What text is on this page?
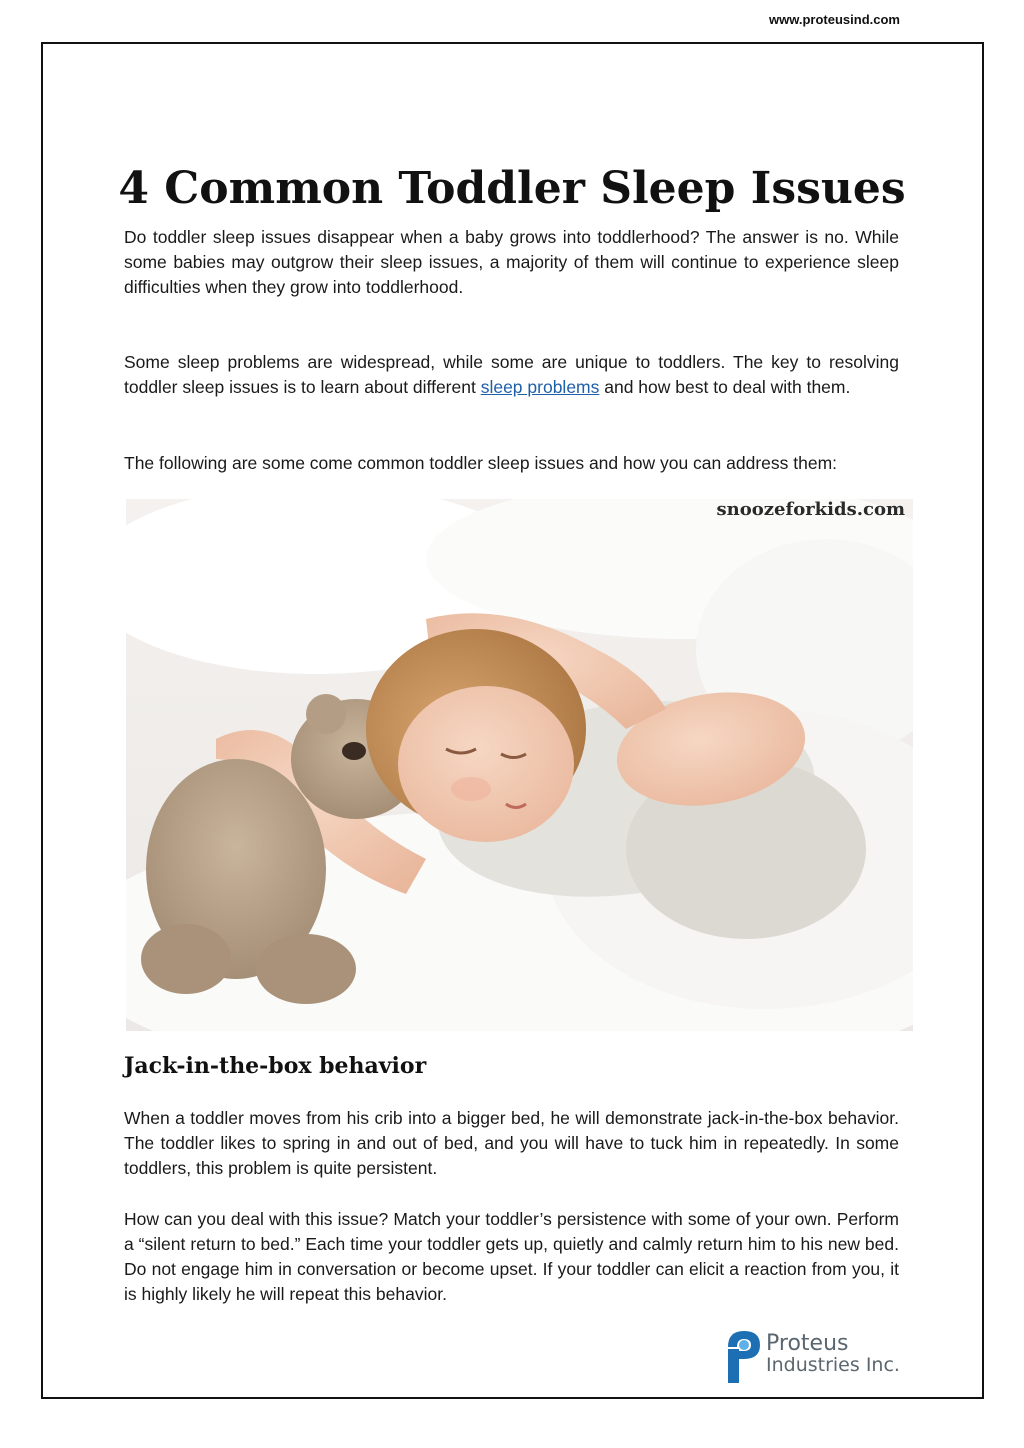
www.proteusind.com
4 Common Toddler Sleep Issues

Do toddler sleep issues disappear when a baby grows into toddlerhood? The answer is no. While some babies may outgrow their sleep issues, a majority of them will continue to experience sleep difficulties when they grow into toddlerhood.

Some sleep problems are widespread, while some are unique to toddlers. The key to resolving toddler sleep issues is to learn about different sleep problems and how best to deal with them.

The following are some come common toddler sleep issues and how you can address them:

snoozeforkids.com
Jack-in-the-box behavior

When a toddler moves from his crib into a bigger bed, he will demonstrate jack-in-the-box behavior. The toddler likes to spring in and out of bed, and you will have to tuck him in repeatedly. In some toddlers, this problem is quite persistent.

How can you deal with this issue? Match your toddler’s persistence with some of your own. Perform a “silent return to bed.” Each time your toddler gets up, quietly and calmly return him to his new bed. Do not engage him in conversation or become upset. If your toddler can elicit a reaction from you, it is highly likely he will repeat this behavior.

Proteus
Industries Inc.
